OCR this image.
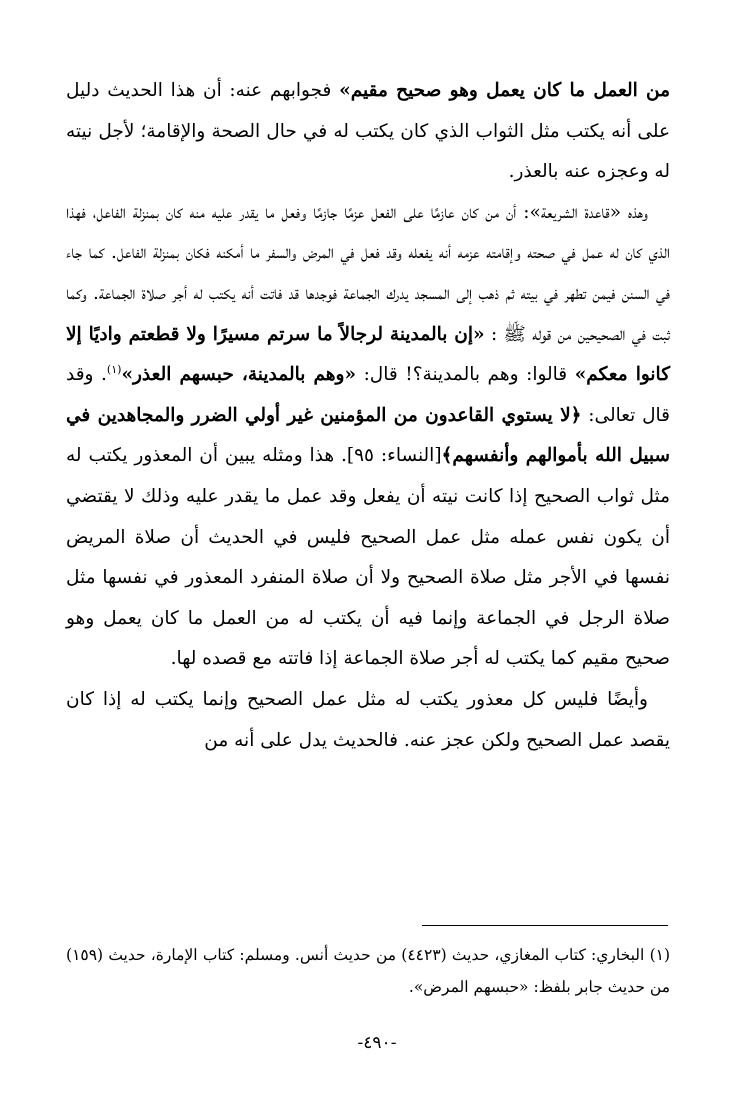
من العمل ما كان يعمل وهو صحيح مقيم» فجوابهم عنه: أن هذا الحديث دليل على أنه يكتب مثل الثواب الذي كان يكتب له في حال الصحة والإقامة؛ لأجل نيته له وعجزه عنه بالعذر.

وهذه «قاعدة الشريعة»: أن من كان عازمًا على الفعل عزمًا جازمًا وفعل ما يقدر عليه منه كان بمنزلة الفاعل، فهذا الذي كان له عمل في صحته وإقامته عزمه أنه يفعله وقد فعل في المرض والسفر ما أمكنه فكان بمنزلة الفاعل. كما جاء في السنن فيمن تطهر في بيته ثم ذهب إلى المسجد يدرك الجماعة فوجدها قد فاتت أنه يكتب له أجر صلاة الجماعة. وكما ثبت في الصحيحين من قوله ﷺ : «إن بالمدينة لرجالاً ما سرتم مسيرًا ولا قطعتم واديًا إلا كانوا معكم» قالوا: وهم بالمدينة؟! قال: «وهم بالمدينة، حبسهم العذر»$^{(١)}$. وقد قال تعالى: ﴿لا يستوي القاعدون من المؤمنين غير أولي الضرر والمجاهدين في سبيل الله بأموالهم وأنفسهم﴾[النساء: ٩٥]. هذا ومثله يبين أن المعذور يكتب له مثل ثواب الصحيح إذا كانت نيته أن يفعل وقد عمل ما يقدر عليه وذلك لا يقتضي أن يكون نفس عمله مثل عمل الصحيح فليس في الحديث أن صلاة المريض نفسها في الأجر مثل صلاة الصحيح ولا أن صلاة المنفرد المعذور في نفسها مثل صلاة الرجل في الجماعة وإنما فيه أن يكتب له من العمل ما كان يعمل وهو صحيح مقيم كما يكتب له أجر صلاة الجماعة إذا فاتته مع قصده لها.

وأيضًا فليس كل معذور يكتب له مثل عمل الصحيح وإنما يكتب له إذا كان يقصد عمل الصحيح ولكن عجز عنه. فالحديث يدل على أنه من

(١) البخاري: كتاب المغازي، حديث (٤٤٢٣) من حديث أنس. ومسلم: كتاب الإمارة، حديث (١٥٩) من حديث جابر بلفظ: «حبسهم المرض».

-٤٩٠-
